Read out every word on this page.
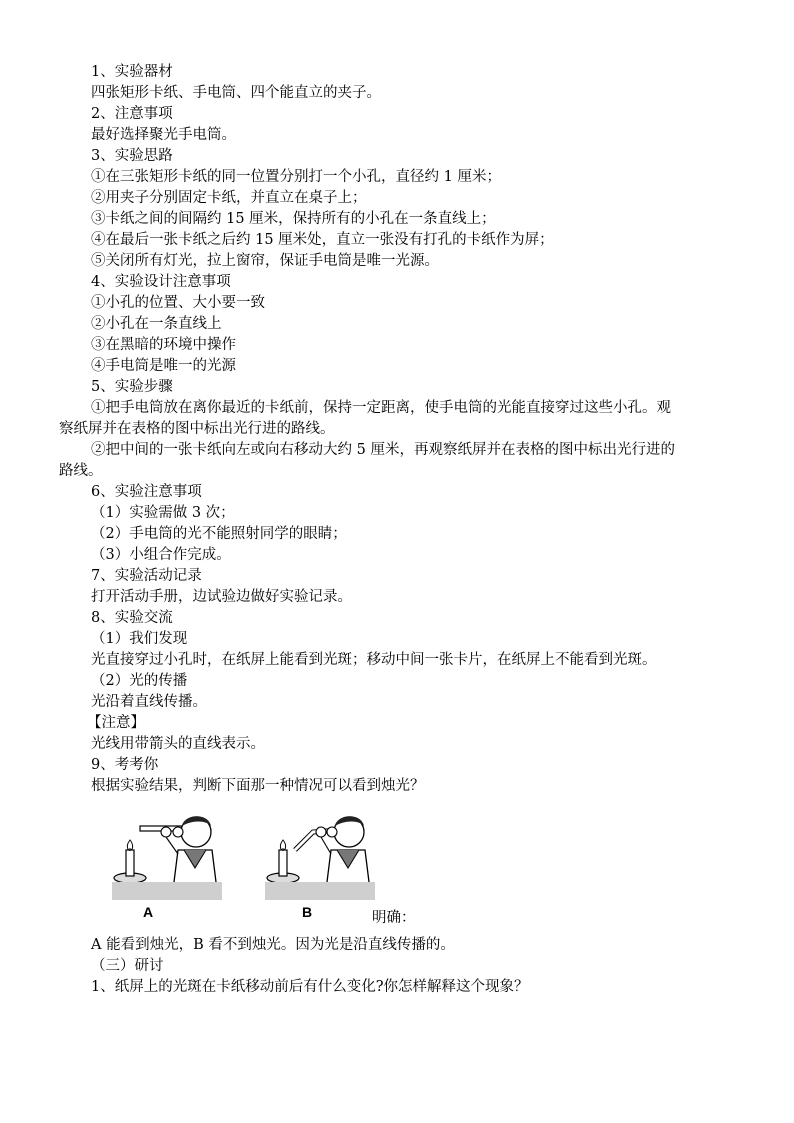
1、实验器材
四张矩形卡纸、手电筒、四个能直立的夹子。
2、注意事项
最好选择聚光手电筒。
3、实验思路
①在三张矩形卡纸的同一位置分别打一个小孔，直径约 1 厘米；
②用夹子分别固定卡纸，并直立在桌子上；
③卡纸之间的间隔约 15 厘米，保持所有的小孔在一条直线上；
④在最后一张卡纸之后约 15 厘米处，直立一张没有打孔的卡纸作为屏；
⑤关闭所有灯光，拉上窗帘，保证手电筒是唯一光源。
4、实验设计注意事项
①小孔的位置、大小要一致
②小孔在一条直线上
③在黑暗的环境中操作
④手电筒是唯一的光源
5、实验步骤
①把手电筒放在离你最近的卡纸前，保持一定距离，使手电筒的光能直接穿过这些小孔。观
察纸屏并在表格的图中标出光行进的路线。
②把中间的一张卡纸向左或向右移动大约 5 厘米，再观察纸屏并在表格的图中标出光行进的
路线。
6、实验注意事项
（1）实验需做 3 次；
（2）手电筒的光不能照射同学的眼睛；
（3）小组合作完成。
7、实验活动记录
打开活动手册，边试验边做好实验记录。
8、实验交流
（1）我们发现
光直接穿过小孔时，在纸屏上能看到光斑；移动中间一张卡片，在纸屏上不能看到光斑。
（2）光的传播
光沿着直线传播。
【注意】
光线用带箭头的直线表示。
9、考考你
根据实验结果，判断下面那一种情况可以看到烛光？
A	B	明确：
A 能看到烛光，B 看不到烛光。因为光是沿直线传播的。
（三）研讨
1、纸屏上的光斑在卡纸移动前后有什么变化?你怎样解释这个现象？
